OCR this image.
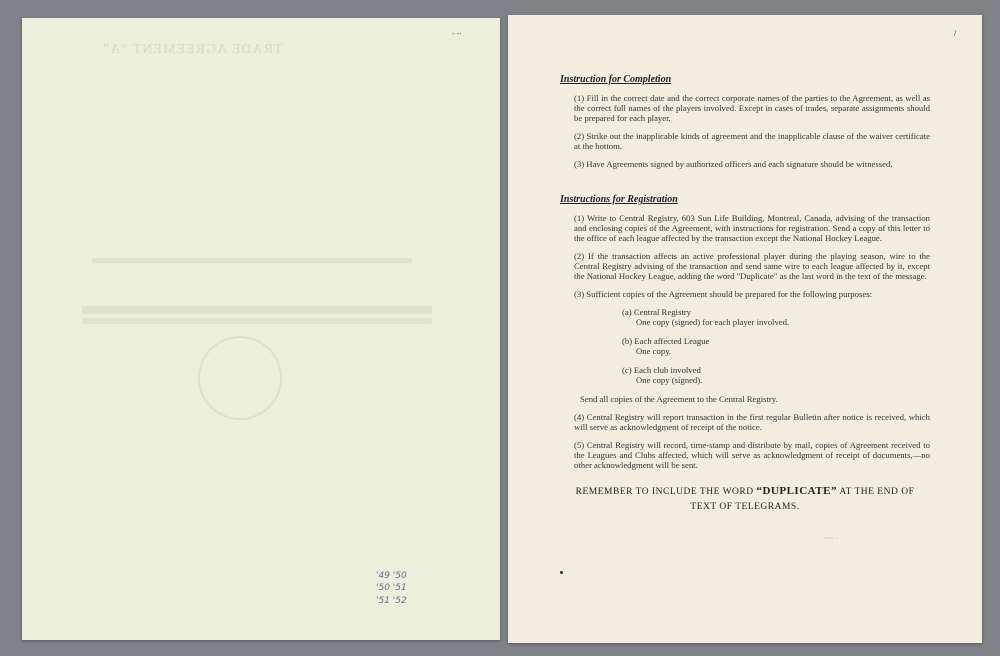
TRADE AGREEMENT “A”
- -·
'49 '50
'50 '51
'51 '52
/
Instruction for Completion

(1) Fill in the correct date and the correct corporate names of the parties to the Agreement, as well as the correct full names of the players involved. Except in cases of trades, separate assignments should be prepared for each player.

(2) Strike out the inapplicable kinds of agreement and the inapplicable clause of the waiver certificate at the bottom.

(3) Have Agreements signed by authorized officers and each signature should be witnessed.

Instructions for Registration

(1) Write to Central Registry, 603 Sun Life Building, Montreal, Canada, advising of the transaction and enclosing copies of the Agreement, with instructions for registration. Send a copy of this letter to the office of each league affected by the transaction except the National Hockey League.

(2) If the transaction affects an active professional player during the playing season, wire to the Central Registry advising of the transaction and send same wire to each league affected by it, except the National Hockey League, adding the word "Duplicate" as the last word in the text of the message.

(3) Sufficient copies of the Agreement should be prepared for the following purposes:

(a) Central Registry
One copy (signed) for each player involved.
(b) Each affected League
One copy.
(c) Each club involved
One copy (signed).

Send all copies of the Agreement to the Central Registry.

(4) Central Registry will report transaction in the first regular Bulletin after notice is received, which will serve as acknowledgment of receipt of the notice.

(5) Central Registry will record, time-stamp and distribute by mail, copies of Agreement received to the Leagues and Clubs affected, which will serve as acknowledgment of receipt of documents,—no other acknowledgment will be sent.

REMEMBER TO INCLUDE THE WORD “DUPLICATE” AT THE END OF
TEXT OF TELEGRAMS.
· ~~ ·
